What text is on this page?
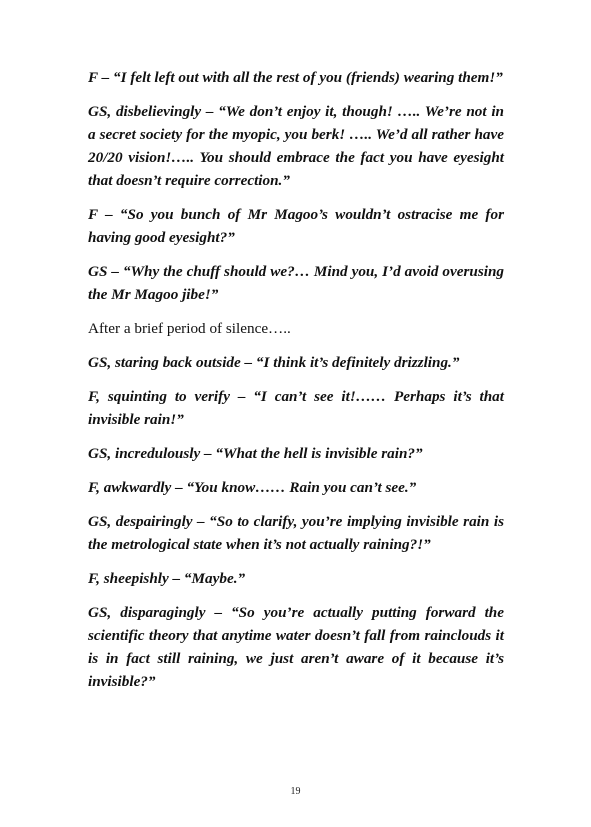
F – “I felt left out with all the rest of you (friends) wearing them!”

GS, disbelievingly – “We don’t enjoy it, though! ….. We’re not in a secret society for the myopic, you berk! ….. We’d all rather have 20/20 vision!….. You should embrace the fact you have eyesight that doesn’t require correction.”

F – “So you bunch of Mr Magoo’s wouldn’t ostracise me for having good eyesight?”

GS – “Why the chuff should we?… Mind you, I’d avoid overusing the Mr Magoo jibe!”

After a brief period of silence…..

GS, staring back outside – “I think it’s definitely drizzling.”

F, squinting to verify – “I can’t see it!…… Perhaps it’s that invisible rain!”

GS, incredulously – “What the hell is invisible rain?”

F, awkwardly – “You know…… Rain you can’t see.”

GS, despairingly – “So to clarify, you’re implying invisible rain is the metrological state when it’s not actually raining?!”

F, sheepishly – “Maybe.”

GS, disparagingly – “So you’re actually putting forward the scientific theory that anytime water doesn’t fall from rainclouds it is in fact still raining, we just aren’t aware of it because it’s invisible?”

19
